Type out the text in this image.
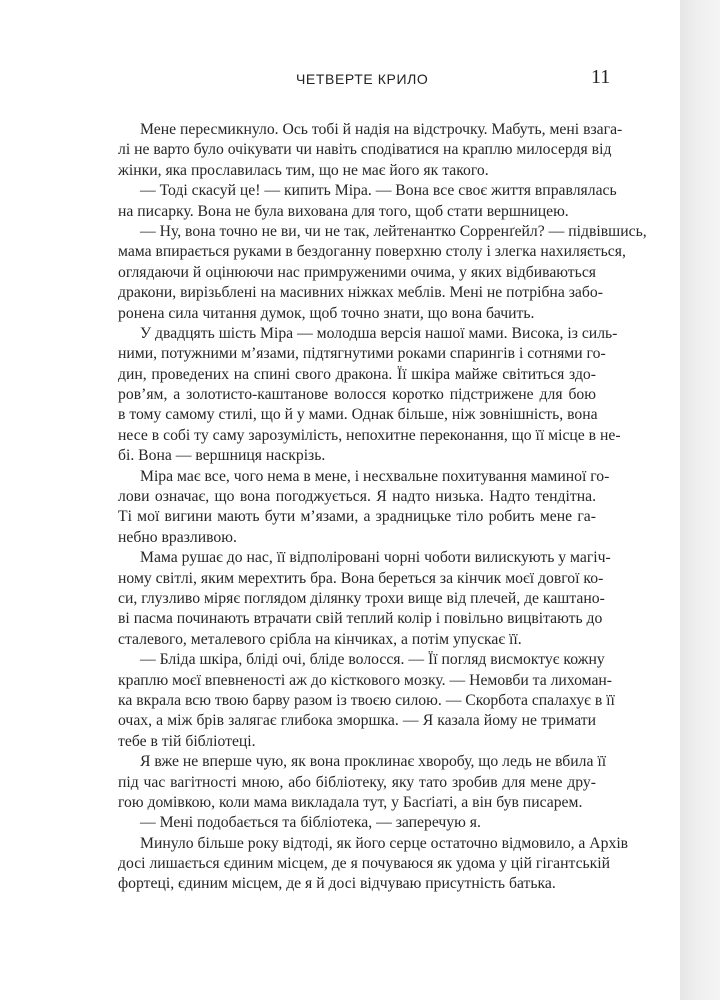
ЧЕТВЕРТЕ КРИЛО	11
Мене пересмикнуло. Ось тобі й надія на відстрочку. Мабуть, мені взага-
лі не варто було очікувати чи навіть сподіватися на краплю милосердя від
жінки, яка прославилась тим, що не має його як такого.
— Тоді скасуй це! — кипить Міра. — Вона все своє життя вправлялась
на писарку. Вона не була вихована для того, щоб стати вершницею.
— Ну, вона точно не ви, чи не так, лейтенантко Сорренґейл? — підвівшись,
мама впирається руками в бездоганну поверхню столу і злегка нахиляється,
оглядаючи й оцінюючи нас примруженими очима, у яких відбиваються
дракони, вирізьблені на масивних ніжках меблів. Мені не потрібна забо-
ронена сила читання думок, щоб точно знати, що вона бачить.
У двадцять шість Міра — молодша версія нашої мами. Висока, із силь-
ними, потужними м’язами, підтягнутими роками спарингів і сотнями го-
дин, проведених на спині свого дракона. Її шкіра майже світиться здо-
ров’ям, а золотисто-каштанове волосся коротко підстрижене для бою
в тому самому стилі, що й у мами. Однак більше, ніж зовнішність, вона
несе в собі ту саму зарозумілість, непохитне переконання, що її місце в не-
бі. Вона — вершниця наскрізь.
Міра має все, чого нема в мене, і несхвальне похитування маминої го-
лови означає, що вона погоджується. Я надто низька. Надто тендітна.
Ті мої вигини мають бути м’язами, а зрадницьке тіло робить мене га-
небно вразливою.
Мама рушає до нас, її відполіровані чорні чоботи вилискують у магіч-
ному світлі, яким мерехтить бра. Вона береться за кінчик моєї довгої ко-
си, глузливо міряє поглядом ділянку трохи вище від плечей, де каштано-
ві пасма починають втрачати свій теплий колір і повільно вицвітають до
сталевого, металевого срібла на кінчиках, а потім упускає її.
— Бліда шкіра, бліді очі, бліде волосся. — Її погляд висмоктує кожну
краплю моєї впевненості аж до кісткового мозку. — Немовби та лихоман-
ка вкрала всю твою барву разом із твоєю силою. — Скорбота спалахує в її
очах, а між брів залягає глибока зморшка. — Я казала йому не тримати
тебе в тій бібліотеці.
Я вже не вперше чую, як вона проклинає хворобу, що ледь не вбила її
під час вагітності мною, або бібліотеку, яку тато зробив для мене дру-
гою домівкою, коли мама викладала тут, у Басґіаті, а він був писарем.
— Мені подобається та бібліотека, — заперечую я.
Минуло більше року відтоді, як його серце остаточно відмовило, а Архів
досі лишається єдиним місцем, де я почуваюся як удома у цій гігантській
фортеці, єдиним місцем, де я й досі відчуваю присутність батька.
